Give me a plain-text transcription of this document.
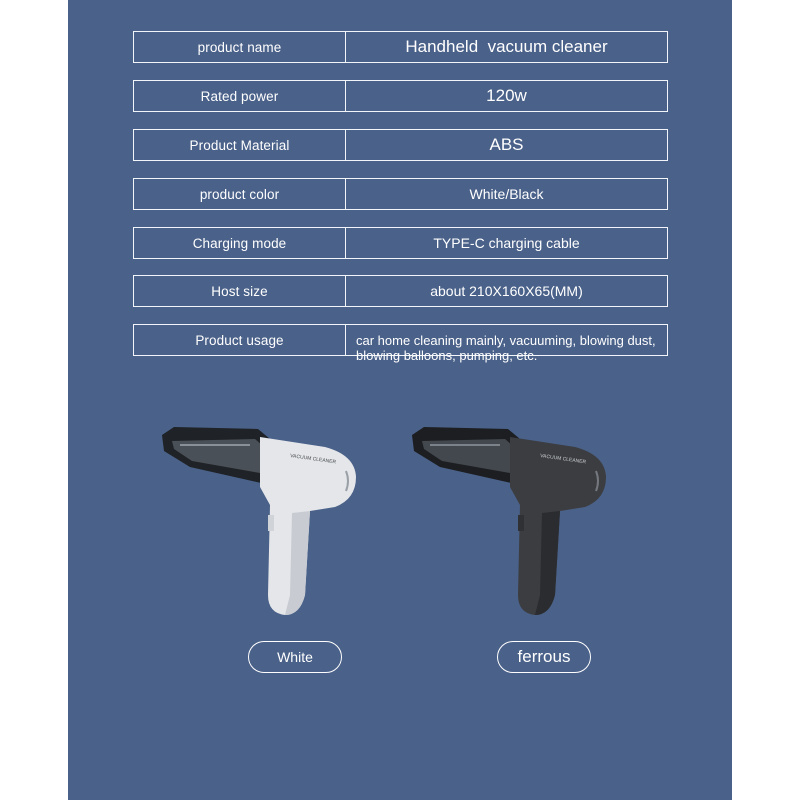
product name	Handheld  vacuum cleaner
Rated power	120w
Product Material	ABS
product color	White/Black
Charging mode	TYPE-C charging cable
Host size	about 210X160X65(MM)
Product usage	car home cleaning mainly, vacuuming, blowing dust,
blowing balloons, pumping, etc.
VACUUM CLEANER	VACUUM CLEANER
White	ferrous
